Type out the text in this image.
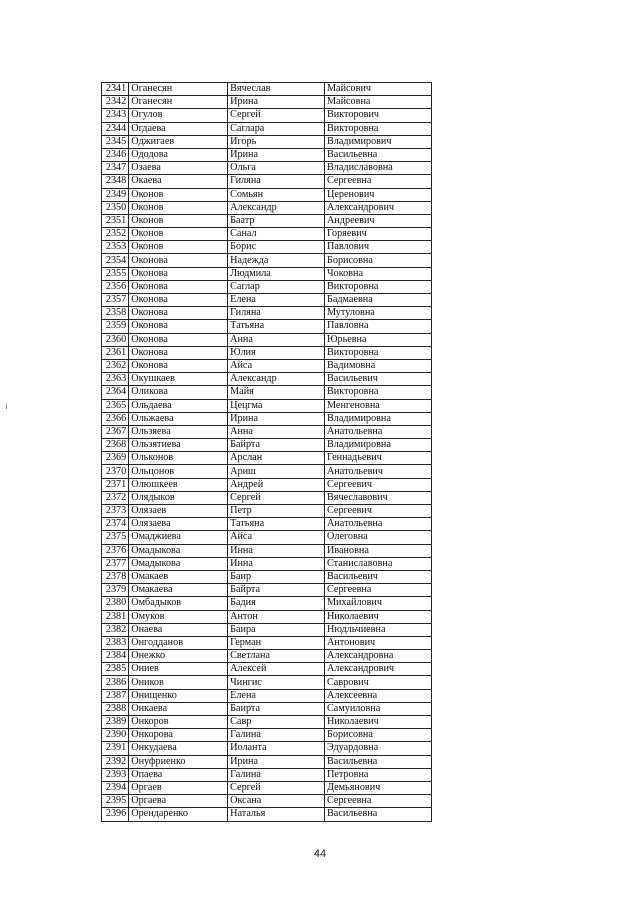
2341	Оганесян	Вячеслав	Майсович
2342	Оганесян	Ирина	Майсовна
2343	Огулов	Сергей	Викторович
2344	Огдаева	Саглара	Викторовна
2345	Оджигаев	Игорь	Владимирович
2346	Ододова	Ирина	Васильевна
2347	Озаева	Ольга	Владиславовна
2348	Окаева	Гиляна	Сергеевна
2349	Оконов	Сомьян	Церенович
2350	Оконов	Александр	Александрович
2351	Оконов	Баатр	Андреевич
2352	Оконов	Санал	Горяевич
2353	Оконов	Борис	Павлович
2354	Оконова	Надежда	Борисовна
2355	Оконова	Людмила	Чоковна
2356	Оконова	Саглар	Викторовна
2357	Оконова	Елена	Бадмаевна
2358	Оконова	Гиляна	Мутуловна
2359	Оконова	Татьяна	Павловна
2360	Оконова	Анна	Юрьевна
2361	Оконова	Юлия	Викторовна
2362	Оконова	Айса	Вадимовна
2363	Окушкаев	Александр	Васильевич
2364	Оликова	Майя	Викторовна
2365	Ольдаева	Цецгма	Менгеновна
2366	Ольжаева	Ирина	Владимировна
2367	Ользяева	Анна	Анатольевна
2368	Ользятиева	Байрта	Владимировна
2369	Ольконов	Арслан	Геннадьевич
2370	Ольцонов	Ариш	Анатольевич
2371	Олюшкеев	Андрей	Сергеевич
2372	Олядыков	Сергей	Вячеславович
2373	Олязаев	Петр	Сергеевич
2374	Олязаева	Татьяна	Анатольевна
2375	Омаджиева	Айса	Олеговна
2376	Омадыкова	Инна	Ивановна
2377	Омадыкова	Инна	Станиславовна
2378	Омакаев	Баир	Васильевич
2379	Омакаева	Байрта	Сергеевна
2380	Омбадыков	Бадия	Михайлович
2381	Омуков	Антон	Николаевич
2382	Онаева	Баира	Нюдльчиевна
2383	Онгодданов	Герман	Антонович
2384	Онежко	Светлана	Александровна
2385	Ониев	Алексей	Александрович
2386	Оников	Чингис	Саврович
2387	Онищенко	Елена	Алексеевна
2388	Онкаева	Баирта	Самуиловна
2389	Онкоров	Савр	Николаевич
2390	Онкорова	Галина	Борисовна
2391	Онкудаева	Иоланта	Эдуардовна
2392	Онуфриенко	Ирина	Васильевна
2393	Опаева	Галина	Петровна
2394	Оргаев	Сергей	Демьянович
2395	Оргаева	Оксана	Сергеевна
2396	Орендаренко	Наталья	Васильевна
44
